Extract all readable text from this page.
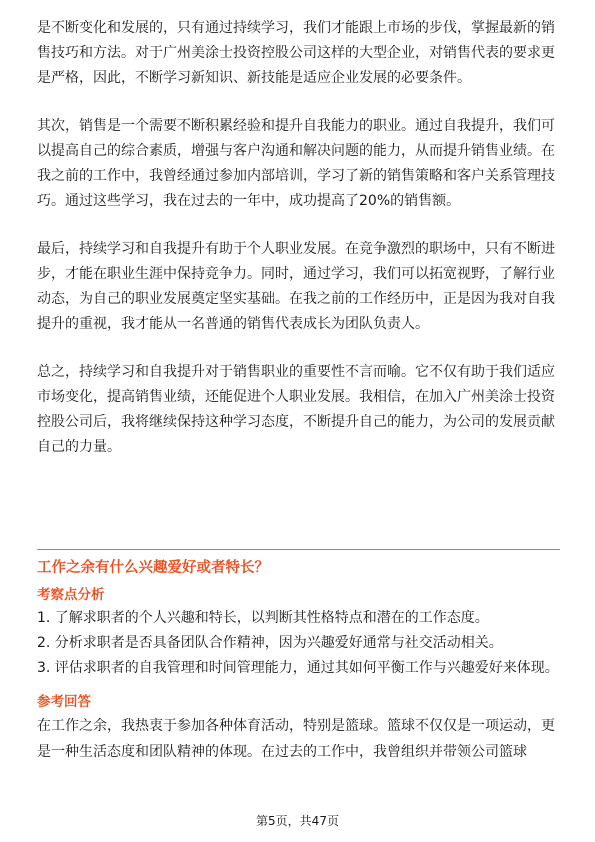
是不断变化和发展的，只有通过持续学习，我们才能跟上市场的步伐，掌握最新的销售技巧和方法。对于广州美涂士投资控股公司这样的大型企业，对销售代表的要求更是严格，因此，不断学习新知识、新技能是适应企业发展的必要条件。

其次，销售是一个需要不断积累经验和提升自我能力的职业。通过自我提升，我们可以提高自己的综合素质，增强与客户沟通和解决问题的能力，从而提升销售业绩。在我之前的工作中，我曾经通过参加内部培训，学习了新的销售策略和客户关系管理技巧。通过这些学习，我在过去的一年中，成功提高了20%的销售额。

最后，持续学习和自我提升有助于个人职业发展。在竞争激烈的职场中，只有不断进步，才能在职业生涯中保持竞争力。同时，通过学习，我们可以拓宽视野，了解行业动态，为自己的职业发展奠定坚实基础。在我之前的工作经历中，正是因为我对自我提升的重视，我才能从一名普通的销售代表成长为团队负责人。

总之，持续学习和自我提升对于销售职业的重要性不言而喻。它不仅有助于我们适应市场变化，提高销售业绩，还能促进个人职业发展。我相信，在加入广州美涂士投资控股公司后，我将继续保持这种学习态度，不断提升自己的能力，为公司的发展贡献自己的力量。

工作之余有什么兴趣爱好或者特长？

考察点分析

1. 了解求职者的个人兴趣和特长，以判断其性格特点和潜在的工作态度。

2. 分析求职者是否具备团队合作精神，因为兴趣爱好通常与社交活动相关。

3. 评估求职者的自我管理和时间管理能力，通过其如何平衡工作与兴趣爱好来体现。

参考回答

在工作之余，我热衷于参加各种体育活动，特别是篮球。篮球不仅仅是一项运动，更是一种生活态度和团队精神的体现。在过去的工作中，我曾组织并带领公司篮球

第5页，共47页
